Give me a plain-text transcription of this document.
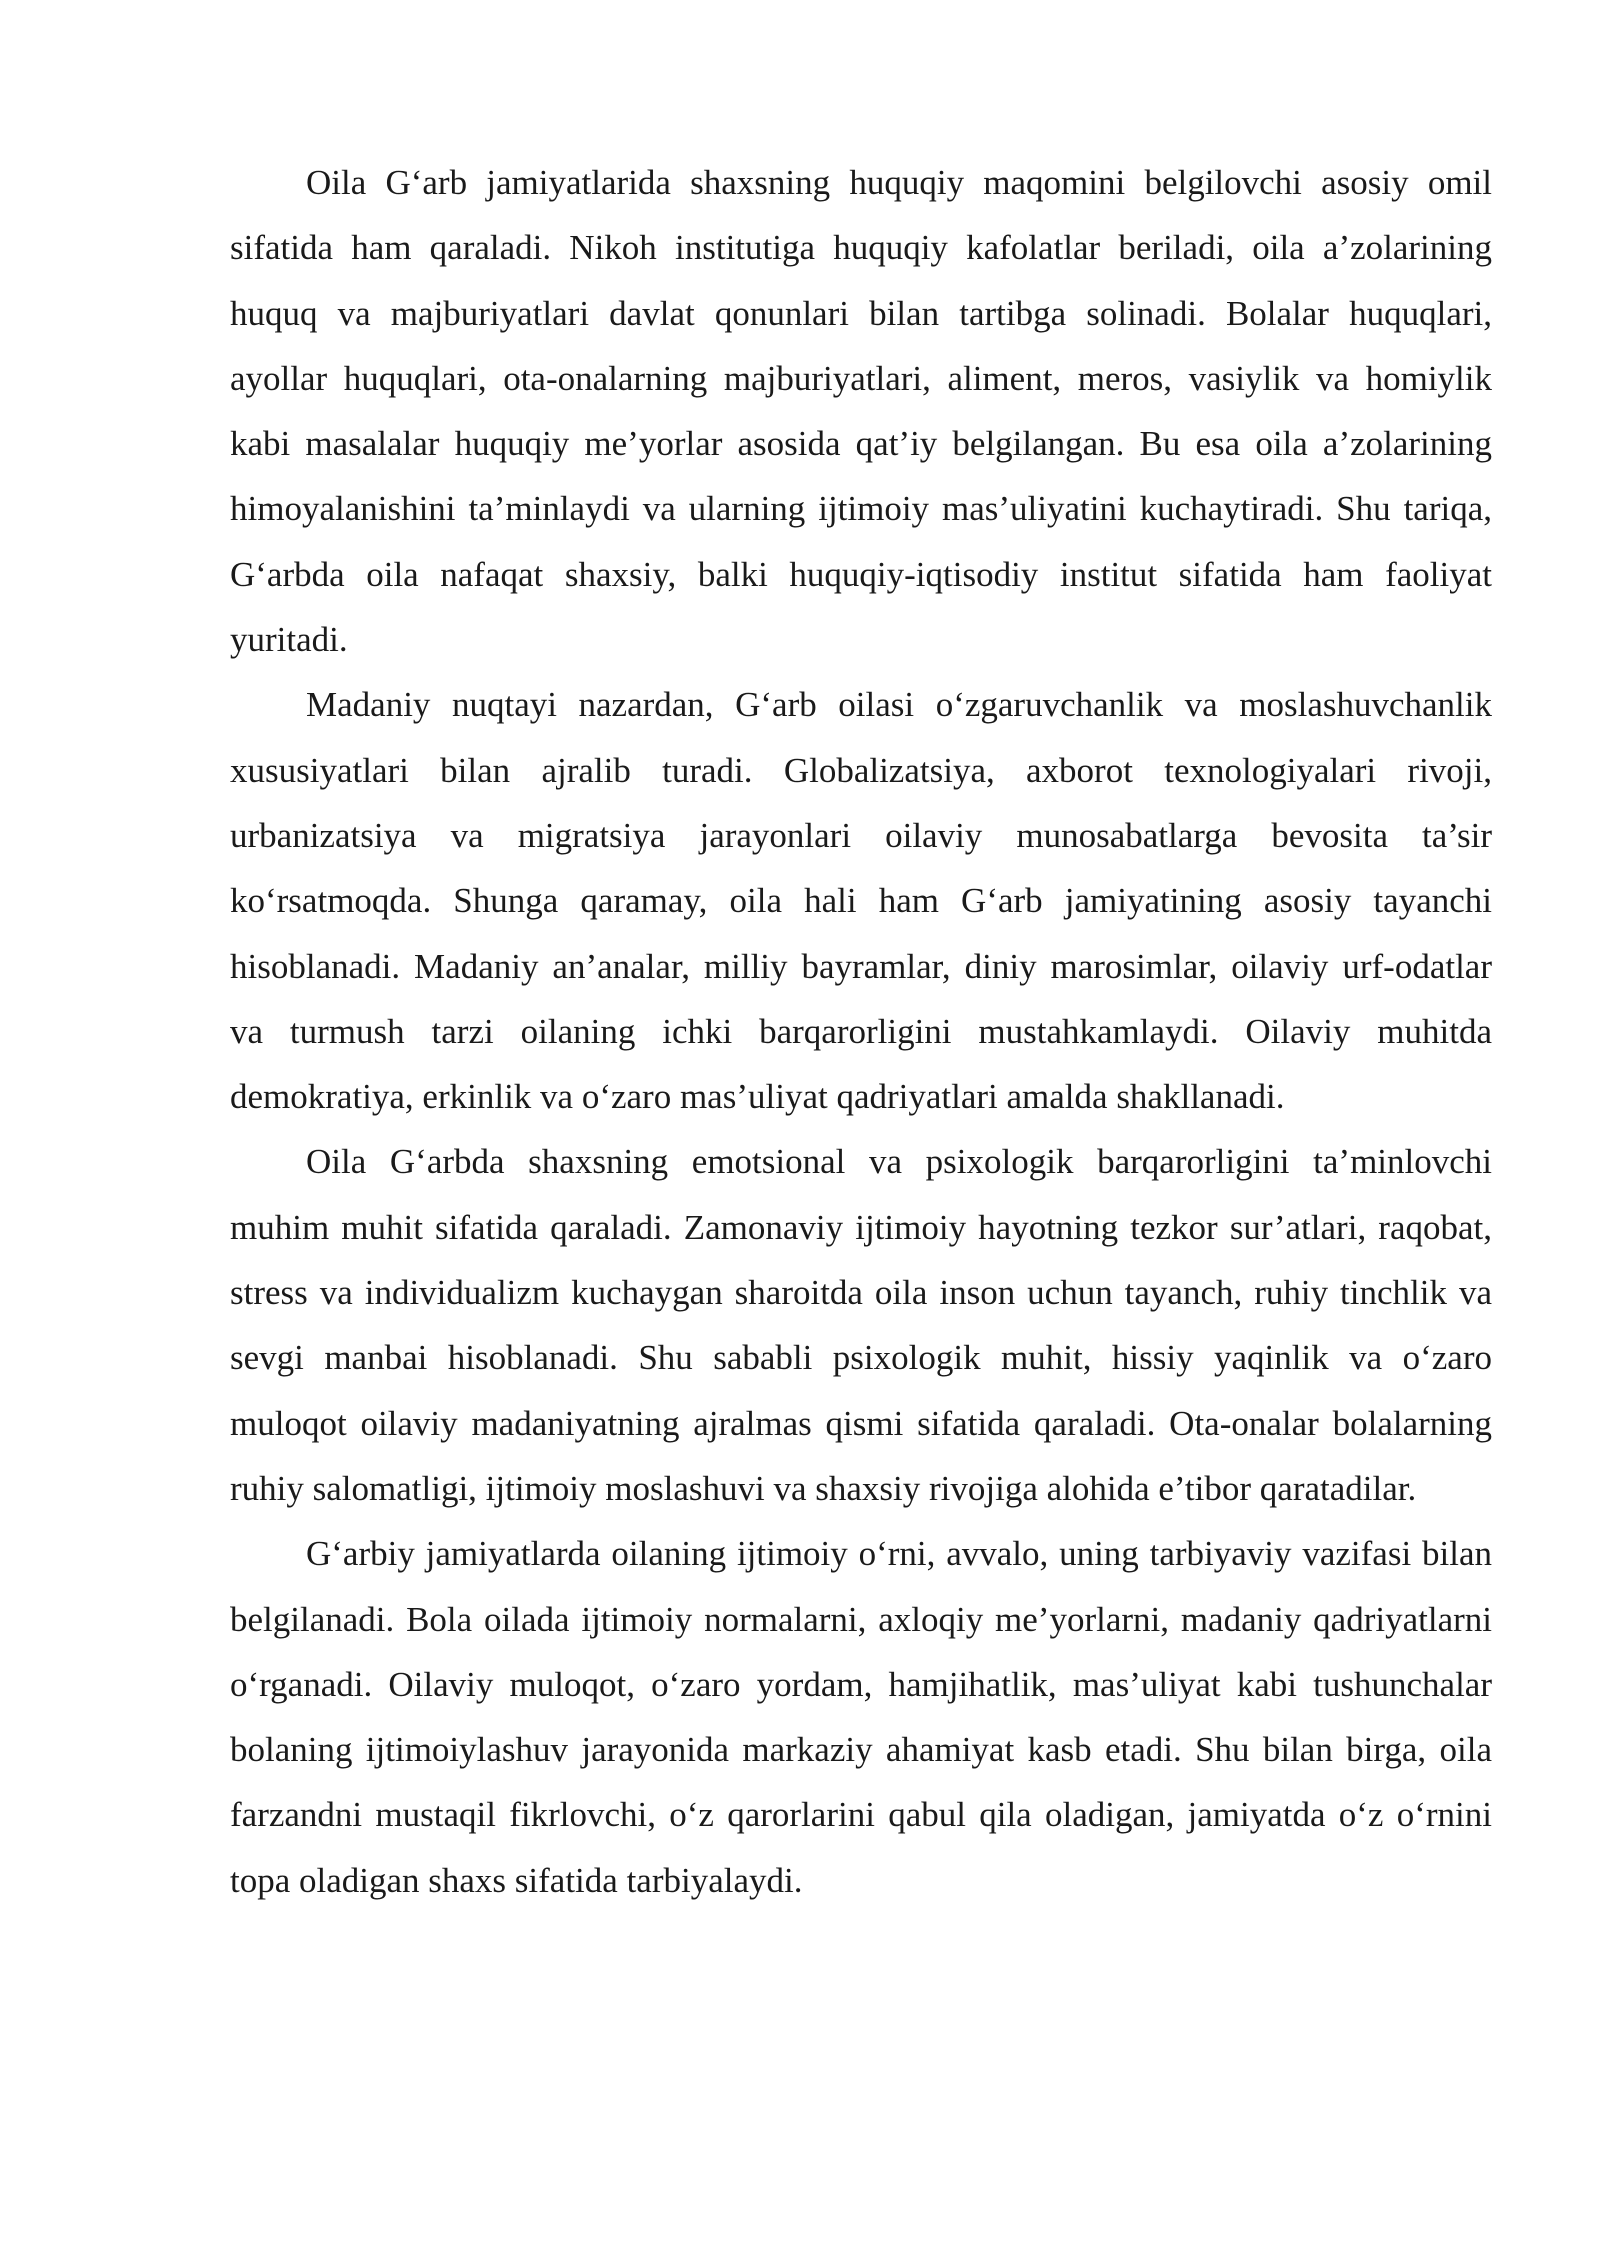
Oila G‘arb jamiyatlarida shaxsning huquqiy maqomini belgilovchi asosiy omil sifatida ham qaraladi. Nikoh institutiga huquqiy kafolatlar beriladi, oila a’zolarining huquq va majburiyatlari davlat qonunlari bilan tartibga solinadi. Bolalar huquqlari, ayollar huquqlari, ota-onalarning majburiyatlari, aliment, meros, vasiylik va homiylik kabi masalalar huquqiy me’yorlar asosida qat’iy belgilangan. Bu esa oila a’zolarining himoyalanishini ta’minlaydi va ularning ijtimoiy mas’uliyatini kuchaytiradi. Shu tariqa, G‘arbda oila nafaqat shaxsiy, balki huquqiy-iqtisodiy institut sifatida ham faoliyat yuritadi.

Madaniy nuqtayi nazardan, G‘arb oilasi o‘zgaruvchanlik va moslashuvchanlik xususiyatlari bilan ajralib turadi. Globalizatsiya, axborot texnologiyalari rivoji, urbanizatsiya va migratsiya jarayonlari oilaviy munosabatlarga bevosita ta’sir ko‘rsatmoqda. Shunga qaramay, oila hali ham G‘arb jamiyatining asosiy tayanchi hisoblanadi. Madaniy an’analar, milliy bayramlar, diniy marosimlar, oilaviy urf-odatlar va turmush tarzi oilaning ichki barqarorligini mustahkamlaydi. Oilaviy muhitda demokratiya, erkinlik va o‘zaro mas’uliyat qadriyatlari amalda shakllanadi.

Oila G‘arbda shaxsning emotsional va psixologik barqarorligini ta’minlovchi muhim muhit sifatida qaraladi. Zamonaviy ijtimoiy hayotning tezkor sur’atlari, raqobat, stress va individualizm kuchaygan sharoitda oila inson uchun tayanch, ruhiy tinchlik va sevgi manbai hisoblanadi. Shu sababli psixologik muhit, hissiy yaqinlik va o‘zaro muloqot oilaviy madaniyatning ajralmas qismi sifatida qaraladi. Ota-onalar bolalarning ruhiy salomatligi, ijtimoiy moslashuvi va shaxsiy rivojiga alohida e’tibor qaratadilar.

G‘arbiy jamiyatlarda oilaning ijtimoiy o‘rni, avvalo, uning tarbiyaviy vazifasi bilan belgilanadi. Bola oilada ijtimoiy normalarni, axloqiy me’yorlarni, madaniy qadriyatlarni o‘rganadi. Oilaviy muloqot, o‘zaro yordam, hamjihatlik, mas’uliyat kabi tushunchalar bolaning ijtimoiylashuv jarayonida markaziy ahamiyat kasb etadi. Shu bilan birga, oila farzandni mustaqil fikrlovchi, o‘z qarorlarini qabul qila oladigan, jamiyatda o‘z o‘rnini topa oladigan shaxs sifatida tarbiyalaydi.
